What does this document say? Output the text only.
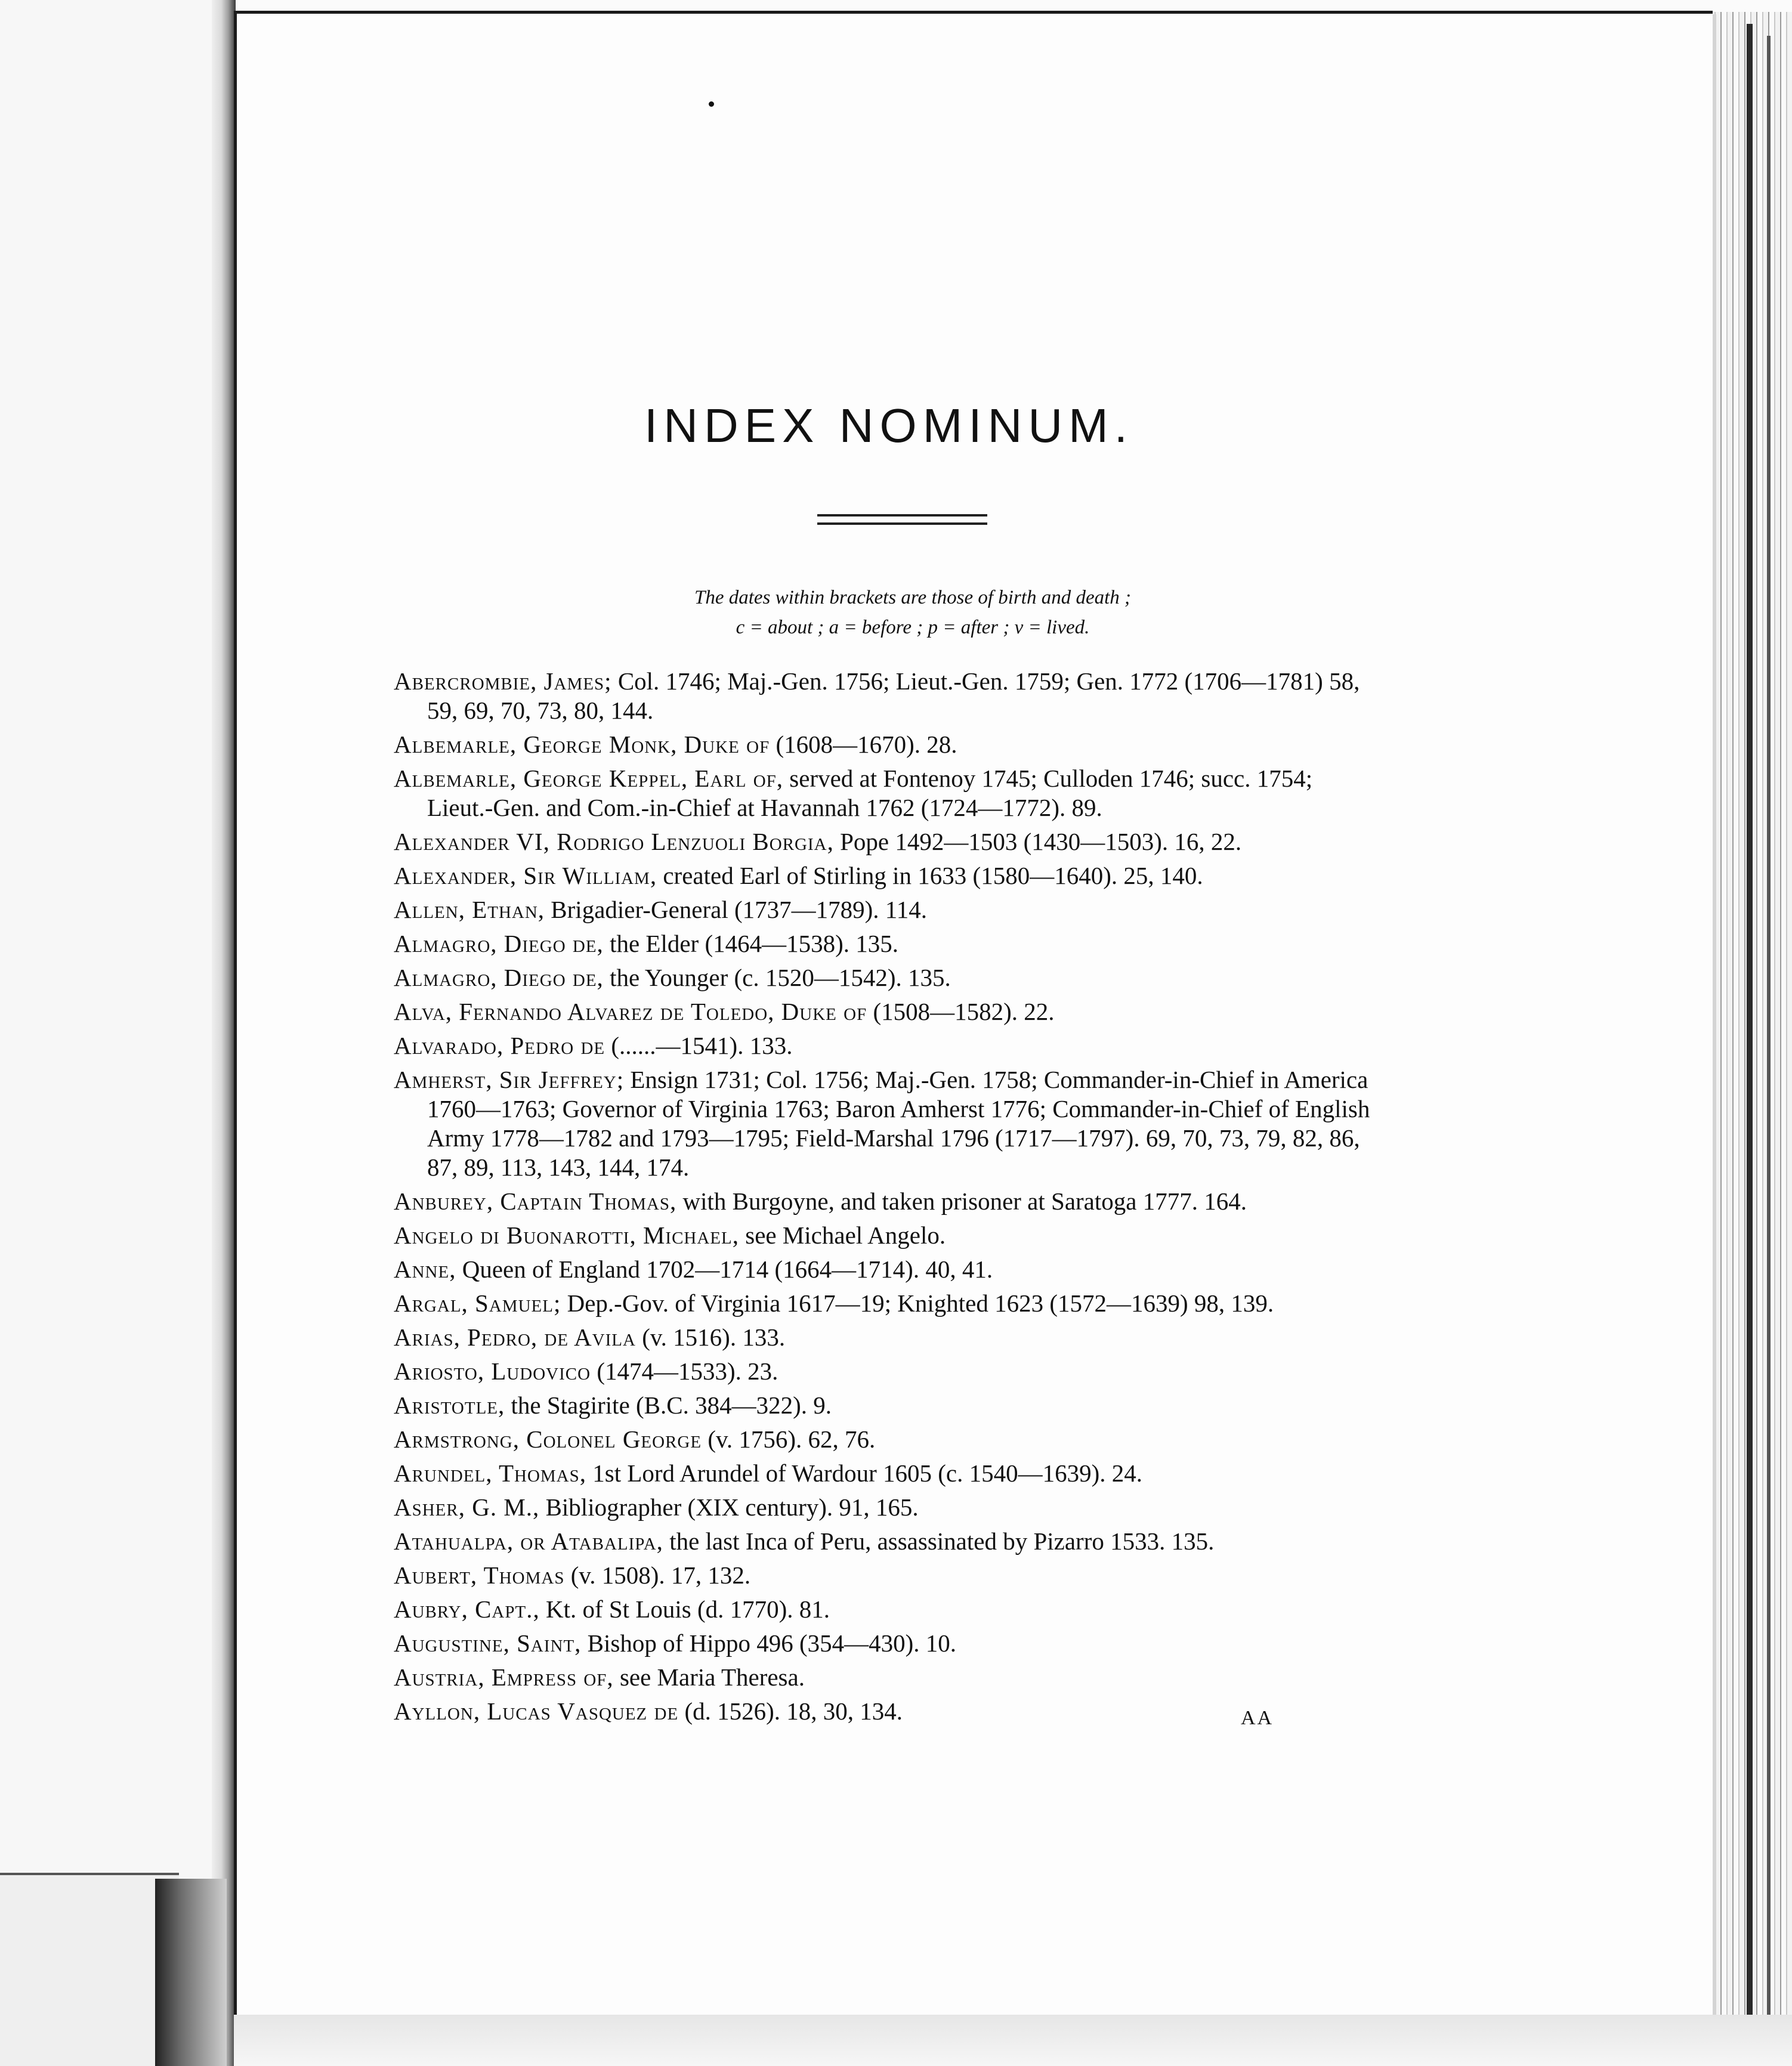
INDEX NOMINUM.
The dates within brackets are those of birth and death ;
c = about ; a = before ; p = after ; v = lived.
Abercrombie, James; Col. 1746; Maj.-Gen. 1756; Lieut.-Gen. 1759; Gen. 1772 (1706—1781) 58, 59, 69, 70, 73, 80, 144.
Albemarle, George Monk, Duke of (1608—1670). 28.
Albemarle, George Keppel, Earl of, served at Fontenoy 1745; Culloden 1746; succ. 1754; Lieut.-Gen. and Com.-in-Chief at Havannah 1762 (1724—1772). 89.
Alexander VI, Rodrigo Lenzuoli Borgia, Pope 1492—1503 (1430—1503). 16, 22.
Alexander, Sir William, created Earl of Stirling in 1633 (1580—1640). 25, 140.
Allen, Ethan, Brigadier-General (1737—1789). 114.
Almagro, Diego de, the Elder (1464—1538). 135.
Almagro, Diego de, the Younger (c. 1520—1542). 135.
Alva, Fernando Alvarez de Toledo, Duke of (1508—1582). 22.
Alvarado, Pedro de (......—1541). 133.
Amherst, Sir Jeffrey; Ensign 1731; Col. 1756; Maj.-Gen. 1758; Commander-in-Chief in America 1760—1763; Governor of Virginia 1763; Baron Amherst 1776; Commander-in-Chief of English Army 1778—1782 and 1793—1795; Field-Marshal 1796 (1717—1797). 69, 70, 73, 79, 82, 86, 87, 89, 113, 143, 144, 174.
Anburey, Captain Thomas, with Burgoyne, and taken prisoner at Saratoga 1777. 164.
Angelo di Buonarotti, Michael, see Michael Angelo.
Anne, Queen of England 1702—1714 (1664—1714). 40, 41.
Argal, Samuel; Dep.-Gov. of Virginia 1617—19; Knighted 1623 (1572—1639) 98, 139.
Arias, Pedro, de Avila (v. 1516). 133.
Ariosto, Ludovico (1474—1533). 23.
Aristotle, the Stagirite (B.C. 384—322). 9.
Armstrong, Colonel George (v. 1756). 62, 76.
Arundel, Thomas, 1st Lord Arundel of Wardour 1605 (c. 1540—1639). 24.
Asher, G. M., Bibliographer (XIX century). 91, 165.
Atahualpa, or Atabalipa, the last Inca of Peru, assassinated by Pizarro 1533. 135.
Aubert, Thomas (v. 1508). 17, 132.
Aubry, Capt., Kt. of St Louis (d. 1770). 81.
Augustine, Saint, Bishop of Hippo 496 (354—430). 10.
Austria, Empress of, see Maria Theresa.
Ayllon, Lucas Vasquez de (d. 1526). 18, 30, 134.	AA
